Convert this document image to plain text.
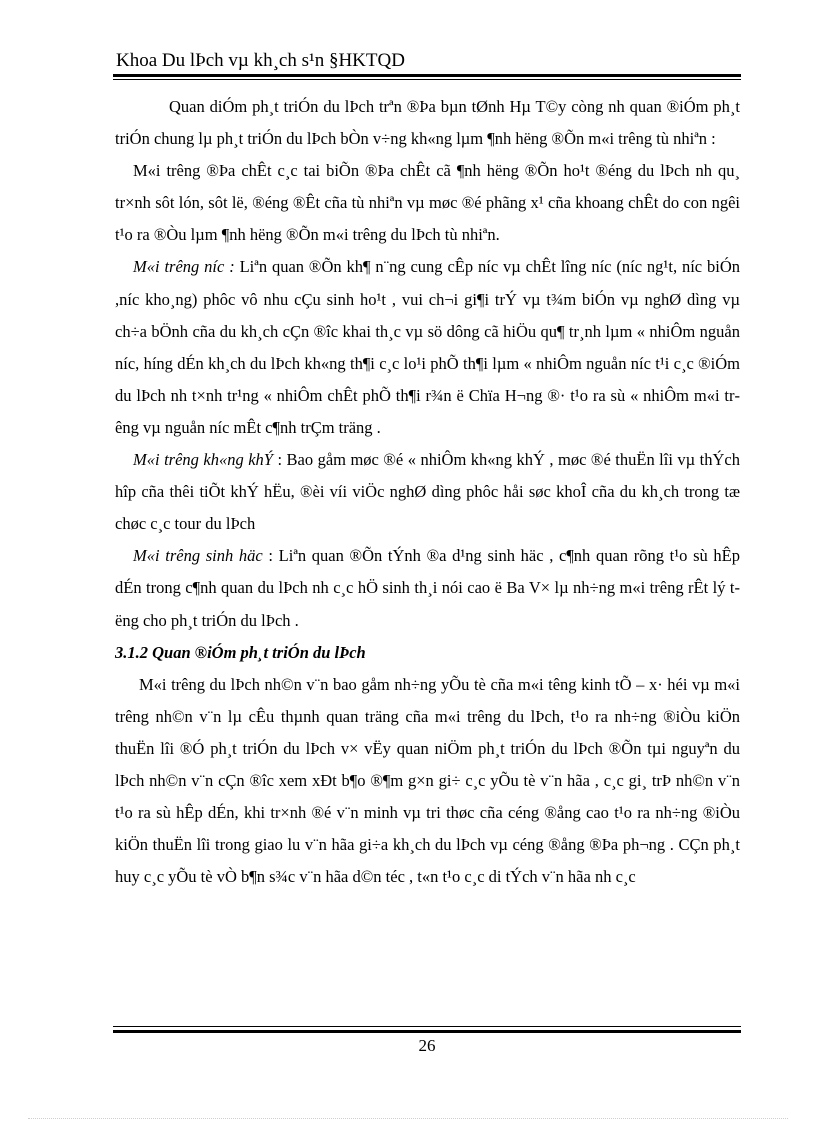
Khoa Du lÞch vµ kh¸ch s¹n §HKTQD

Quan diÓm ph¸t triÓn du lÞch trªn ®Þa bµn tØnh Hµ T©y còng nh quan ®iÓm ph¸t triÓn chung lµ ph¸t triÓn du lÞch bÒn v÷ng kh«ng lµm ¶nh hëng ®Õn m«i trêng tù nhiªn :

M«i trêng ®Þa chÊt c¸c tai biÕn ®Þa chÊt cã ¶nh hëng ®Õn ho¹t ®éng du lÞch nh qu¸ tr×nh sôt lón, sôt lë, ®éng ®Êt cña tù nhiªn vµ møc ®é phãng x¹ cña khoang chÊt do con ngêi t¹o ra ®Òu lµm ¶nh hëng ®Õn m«i trêng du lÞch tù nhiªn.

M«i trêng níc : Liªn quan ®Õn kh¶ n¨ng cung cÊp níc vµ chÊt lîng níc (níc ng¹t, níc biÓn ,níc kho¸ng) phôc vô nhu cÇu sinh ho¹t , vui ch¬i gi¶i trÝ vµ t¾m biÓn vµ nghØ dìng vµ ch÷a bÖnh cña du kh¸ch cÇn ®îc khai th¸c vµ sö dông cã hiÖu qu¶ tr¸nh lµm « nhiÔm nguån níc, híng dÉn kh¸ch du lÞch kh«ng th¶i c¸c lo¹i phÕ th¶i lµm « nhiÔm nguån níc t¹i c¸c ®iÓm du lÞch nh t×nh tr¹ng « nhiÔm chÊt phÕ th¶i r¾n ë Chïa H¬ng ®· t¹o ra sù « nhiÔm m«i trêng vµ nguån níc mÊt c¶nh trÇm träng .

M«i trêng kh«ng khÝ : Bao gåm møc ®é « nhiÔm kh«ng khÝ , møc ®é thuËn lîi vµ thÝch hîp cña thêi tiÕt khÝ hËu, ®èi víi viÖc nghØ dìng phôc håi søc khoÎ cña du kh¸ch trong tæ chøc c¸c tour du lÞch

M«i trêng sinh häc : Liªn quan ®Õn tÝnh ®a d¹ng sinh häc , c¶nh quan rõng t¹o sù hÊp dÉn trong c¶nh quan du lÞch nh c¸c hÖ sinh th¸i nói cao ë Ba V× lµ nh÷ng m«i trêng rÊt lý tëng cho ph¸t triÓn du lÞch .

3.1.2 Quan ®iÓm ph¸t triÓn du lÞch

M«i trêng du lÞch nh©n v¨n bao gåm nh÷ng yÕu tè cña m«i têng kinh tÕ – x· héi vµ m«i trêng nh©n v¨n lµ cÊu thµnh quan träng cña m«i trêng du lÞch, t¹o ra nh÷ng ®iÒu kiÖn thuËn lîi ®Ó ph¸t triÓn du lÞch v× vËy quan niÖm ph¸t triÓn du lÞch ®Õn tµi nguyªn du lÞch nh©n v¨n cÇn ®îc xem xÐt b¶o ®¶m g×n gi÷ c¸c yÕu tè v¨n hãa , c¸c gi¸ trÞ nh©n v¨n t¹o ra sù hÊp dÉn, khi tr×nh ®é v¨n minh vµ tri thøc cña céng ®ång cao t¹o ra nh÷ng ®iÒu kiÖn thuËn lîi trong giao lu v¨n hãa gi÷a kh¸ch du lÞch vµ céng ®ång ®Þa ph¬ng . CÇn ph¸t huy c¸c yÕu tè vÒ b¶n s¾c v¨n hãa d©n téc , t«n t¹o c¸c di tÝch v¨n hãa nh c¸c

26
